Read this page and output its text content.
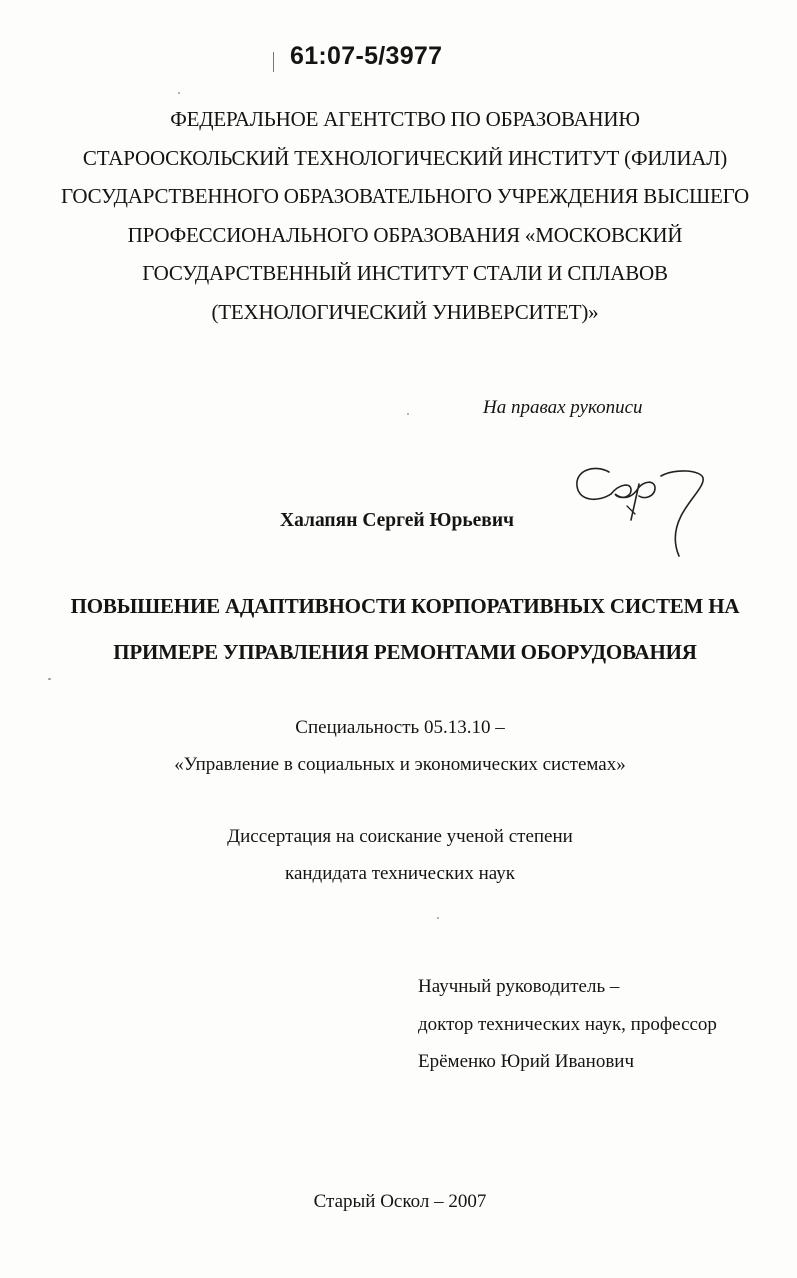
61:07-5/3977
ФЕДЕРАЛЬНОЕ АГЕНТСТВО ПО ОБРАЗОВАНИЮ
СТАРООСКОЛЬСКИЙ ТЕХНОЛОГИЧЕСКИЙ ИНСТИТУТ (ФИЛИАЛ)
ГОСУДАРСТВЕННОГО ОБРАЗОВАТЕЛЬНОГО УЧРЕЖДЕНИЯ ВЫСШЕГО
ПРОФЕССИОНАЛЬНОГО ОБРАЗОВАНИЯ «МОСКОВСКИЙ
ГОСУДАРСТВЕННЫЙ ИНСТИТУТ СТАЛИ И СПЛАВОВ
(ТЕХНОЛОГИЧЕСКИЙ УНИВЕРСИТЕТ)»
На правах рукописи
Халапян Сергей Юрьевич
ПОВЫШЕНИЕ АДАПТИВНОСТИ КОРПОРАТИВНЫХ СИСТЕМ НА
ПРИМЕРЕ УПРАВЛЕНИЯ РЕМОНТАМИ ОБОРУДОВАНИЯ
Специальность 05.13.10 –
«Управление в социальных и экономических системах»
Диссертация на соискание ученой степени
кандидата технических наук
Научный руководитель –
доктор технических наук, профессор
Ерёменко Юрий Иванович
Старый Оскол – 2007
